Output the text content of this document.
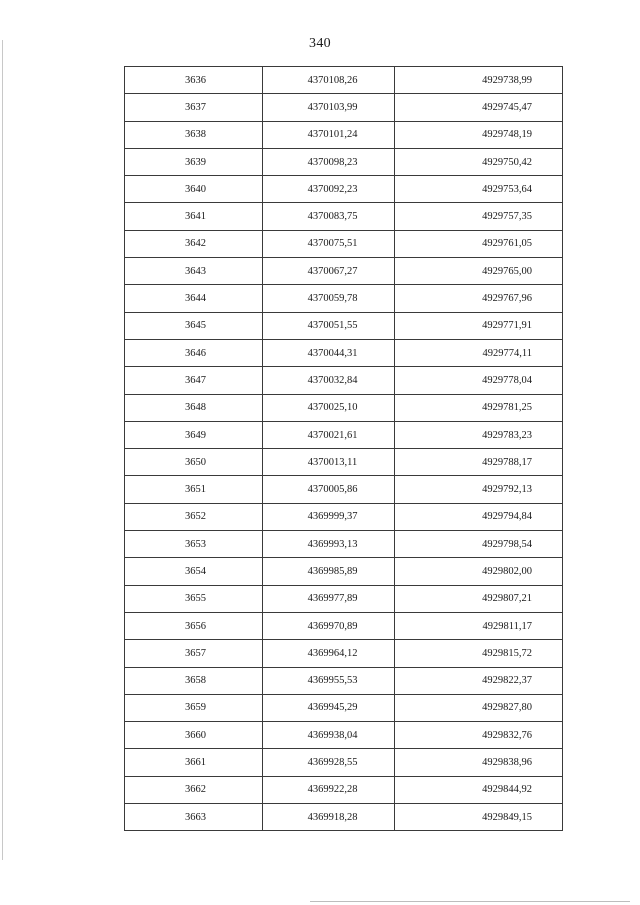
340
3636	4370108,26	4929738,99
3637	4370103,99	4929745,47
3638	4370101,24	4929748,19
3639	4370098,23	4929750,42
3640	4370092,23	4929753,64
3641	4370083,75	4929757,35
3642	4370075,51	4929761,05
3643	4370067,27	4929765,00
3644	4370059,78	4929767,96
3645	4370051,55	4929771,91
3646	4370044,31	4929774,11
3647	4370032,84	4929778,04
3648	4370025,10	4929781,25
3649	4370021,61	4929783,23
3650	4370013,11	4929788,17
3651	4370005,86	4929792,13
3652	4369999,37	4929794,84
3653	4369993,13	4929798,54
3654	4369985,89	4929802,00
3655	4369977,89	4929807,21
3656	4369970,89	4929811,17
3657	4369964,12	4929815,72
3658	4369955,53	4929822,37
3659	4369945,29	4929827,80
3660	4369938,04	4929832,76
3661	4369928,55	4929838,96
3662	4369922,28	4929844,92
3663	4369918,28	4929849,15
